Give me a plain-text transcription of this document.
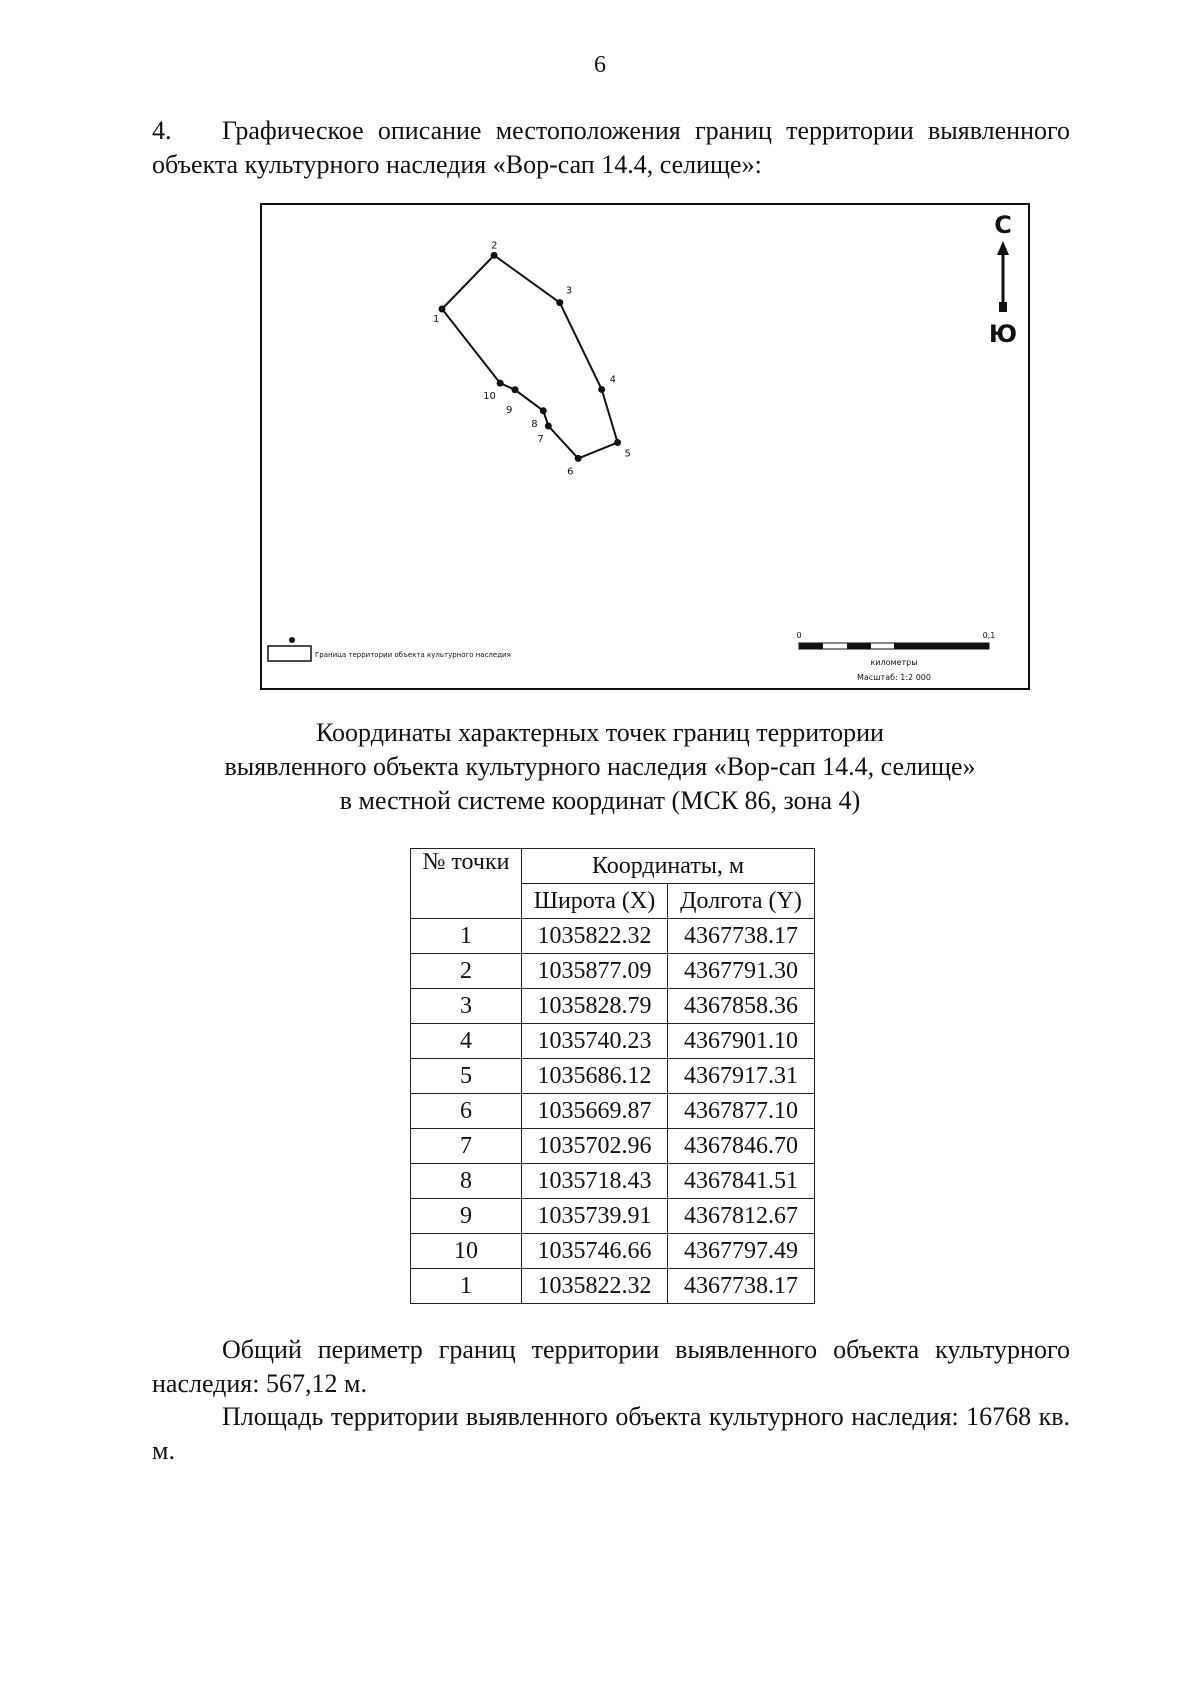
6
4. Графическое описание местоположения границ территории выявленного объекта культурного наследия «Вор-сап 14.4, селище»:
1
2
3
4
5
6
7
8
9
10
С
Ю
Граница территории объекта культурного наследия
0	0,1
километры
Масштаб: 1:2 000
Координаты характерных точек границ территории
выявленного объекта культурного наследия «Вор-сап 14.4, селище»
в местной системе координат (МСК 86, зона 4)
№ точки	Координаты, м	
	Широта (X)	Долгота (Y)
1	1035822.32	4367738.17
2	1035877.09	4367791.30
3	1035828.79	4367858.36
4	1035740.23	4367901.10
5	1035686.12	4367917.31
6	1035669.87	4367877.10
7	1035702.96	4367846.70
8	1035718.43	4367841.51
9	1035739.91	4367812.67
10	1035746.66	4367797.49
1	1035822.32	4367738.17
Общий периметр границ территории выявленного объекта культурного наследия: 567,12 м.
Площадь территории выявленного объекта культурного наследия: 16768 кв. м.
